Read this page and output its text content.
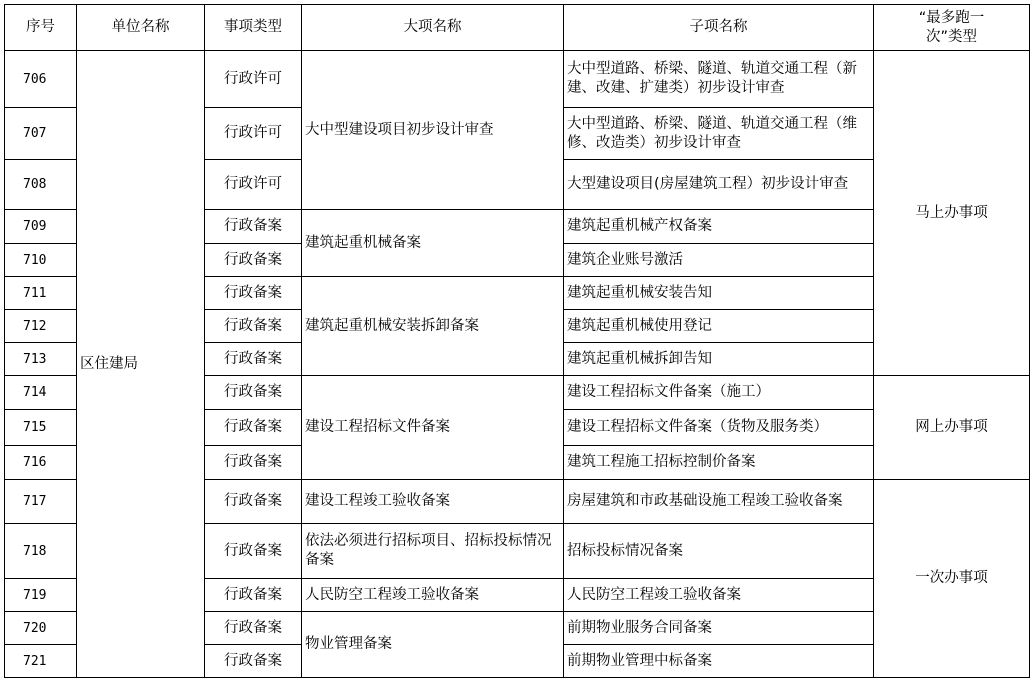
序号	单位名称	事项类型	大项名称	子项名称	“最多跑一次”类型
706	区住建局	行政许可	大中型建设项目初步设计审查	大中型道路、桥梁、隧道、轨道交通工程（新建、改建、扩建类）初步设计审查	马上办事项
707		行政许可		大中型道路、桥梁、隧道、轨道交通工程（维修、改造类）初步设计审查	
708		行政许可		大型建设项目(房屋建筑工程）初步设计审查	
709		行政备案	建筑起重机械备案	建筑起重机械产权备案	
710		行政备案		建筑企业账号激活	
711		行政备案	建筑起重机械安装拆卸备案	建筑起重机械安装告知	
712		行政备案		建筑起重机械使用登记	
713		行政备案		建筑起重机械拆卸告知	
714		行政备案	建设工程招标文件备案	建设工程招标文件备案（施工）	网上办事项
715		行政备案		建设工程招标文件备案（货物及服务类）	
716		行政备案		建筑工程施工招标控制价备案	
717		行政备案	建设工程竣工验收备案	房屋建筑和市政基础设施工程竣工验收备案	一次办事项
718		行政备案	依法必须进行招标项目、招标投标情况备案	招标投标情况备案	
719		行政备案	人民防空工程竣工验收备案	人民防空工程竣工验收备案	
720		行政备案	物业管理备案	前期物业服务合同备案	
721		行政备案		前期物业管理中标备案	
